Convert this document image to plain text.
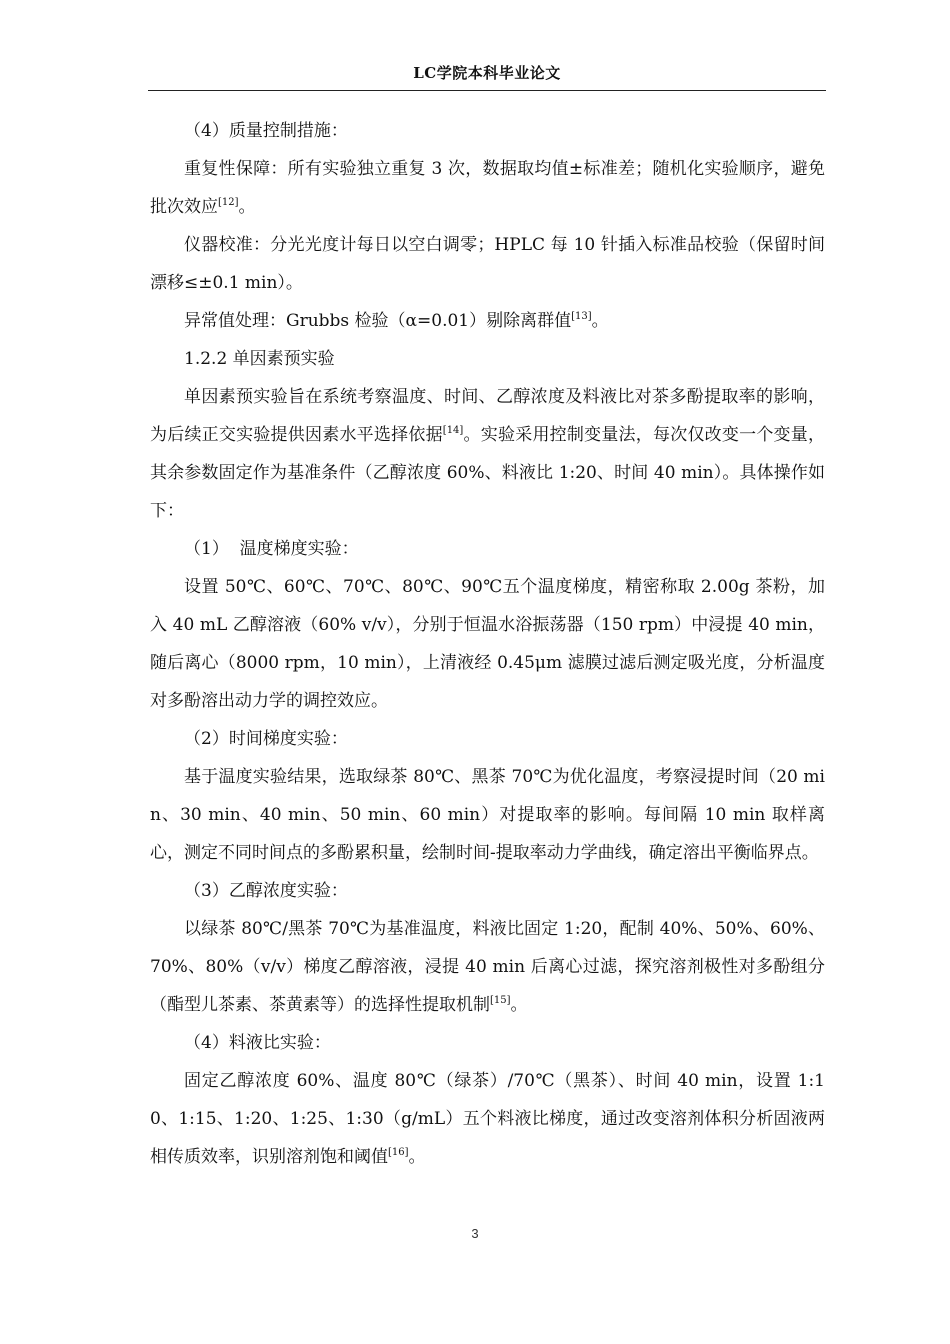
LC学院本科毕业论文

（4）质量控制措施：

重复性保障：所有实验独立重复 3 次，数据取均值±标准差；随机化实验顺序，避免批次效应[12]。

仪器校准：分光光度计每日以空白调零；HPLC 每 10 针插入标准品校验（保留时间漂移≤±0.1 min）。

异常值处理：Grubbs 检验（α=0.01）剔除离群值[13]。

1.2.2 单因素预实验

单因素预实验旨在系统考察温度、时间、乙醇浓度及料液比对茶多酚提取率的影响，为后续正交实验提供因素水平选择依据[14]。实验采用控制变量法，每次仅改变一个变量，其余参数固定作为基准条件（乙醇浓度 60%、料液比 1:20、时间 40 min）。具体操作如下：

（1）  温度梯度实验：

设置 50℃、60℃、70℃、80℃、90℃五个温度梯度，精密称取 2.00g 茶粉，加入 40 mL 乙醇溶液（60% v/v），分别于恒温水浴振荡器（150 rpm）中浸提 40 min，随后离心（8000 rpm，10 min），上清液经 0.45μm 滤膜过滤后测定吸光度，分析温度对多酚溶出动力学的调控效应。

（2）时间梯度实验：

基于温度实验结果，选取绿茶 80℃、黑茶 70℃为优化温度，考察浸提时间（20 min、30 min、40 min、50 min、60 min）对提取率的影响。每间隔 10 min 取样离心，测定不同时间点的多酚累积量，绘制时间-提取率动力学曲线，确定溶出平衡临界点。

（3）乙醇浓度实验：

以绿茶 80℃/黑茶 70℃为基准温度，料液比固定 1:20，配制 40%、50%、60%、70%、80%（v/v）梯度乙醇溶液，浸提 40 min 后离心过滤，探究溶剂极性对多酚组分（酯型儿茶素、茶黄素等）的选择性提取机制[15]。

（4）料液比实验：

固定乙醇浓度 60%、温度 80℃（绿茶）/70℃（黑茶）、时间 40 min，设置 1:10、1:15、1:20、1:25、1:30（g/mL）五个料液比梯度，通过改变溶剂体积分析固液两相传质效率，识别溶剂饱和阈值[16]。

3
